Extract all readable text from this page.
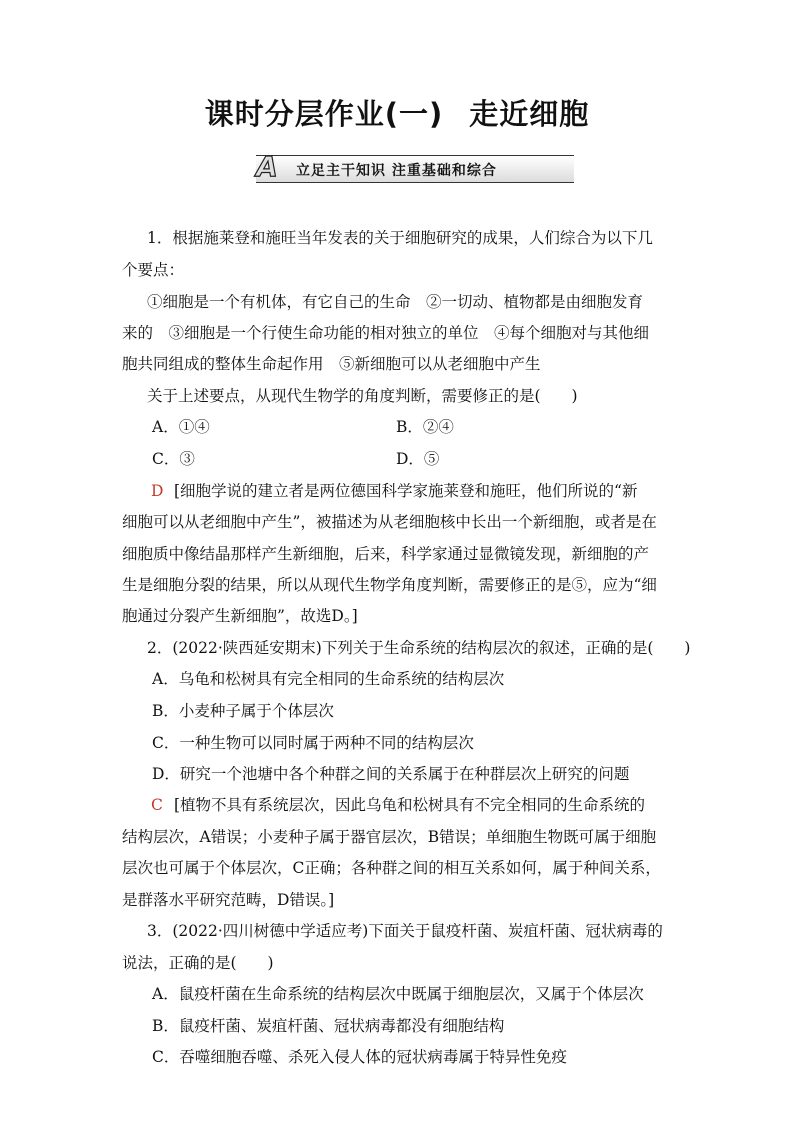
课时分层作业(一) 走近细胞
A 立足主干知识 注重基础和综合
1．根据施莱登和施旺当年发表的关于细胞研究的成果，人们综合为以下几
个要点：
①细胞是一个有机体，有它自己的生命　②一切动、植物都是由细胞发育
来的　③细胞是一个行使生命功能的相对独立的单位　④每个细胞对与其他细
胞共同组成的整体生命起作用　⑤新细胞可以从老细胞中产生
关于上述要点，从现代生物学的角度判断，需要修正的是(　　)
A．①④	B．②④
C．③	D．⑤
D [细胞学说的建立者是两位德国科学家施莱登和施旺，他们所说的“新
细胞可以从老细胞中产生”，被描述为从老细胞核中长出一个新细胞，或者是在
细胞质中像结晶那样产生新细胞，后来，科学家通过显微镜发现，新细胞的产
生是细胞分裂的结果，所以从现代生物学角度判断，需要修正的是⑤，应为“细
胞通过分裂产生新细胞”，故选D。]
2．(2022·陕西延安期末)下列关于生命系统的结构层次的叙述，正确的是(　　)
A．乌龟和松树具有完全相同的生命系统的结构层次
B．小麦种子属于个体层次
C．一种生物可以同时属于两种不同的结构层次
D．研究一个池塘中各个种群之间的关系属于在种群层次上研究的问题
C [植物不具有系统层次，因此乌龟和松树具有不完全相同的生命系统的
结构层次，A错误；小麦种子属于器官层次，B错误；单细胞生物既可属于细胞
层次也可属于个体层次，C正确；各种群之间的相互关系如何，属于种间关系，
是群落水平研究范畴，D错误。]
3．(2022·四川树德中学适应考)下面关于鼠疫杆菌、炭疽杆菌、冠状病毒的
说法，正确的是(　　)
A．鼠疫杆菌在生命系统的结构层次中既属于细胞层次，又属于个体层次
B．鼠疫杆菌、炭疽杆菌、冠状病毒都没有细胞结构
C．吞噬细胞吞噬、杀死入侵人体的冠状病毒属于特异性免疫
